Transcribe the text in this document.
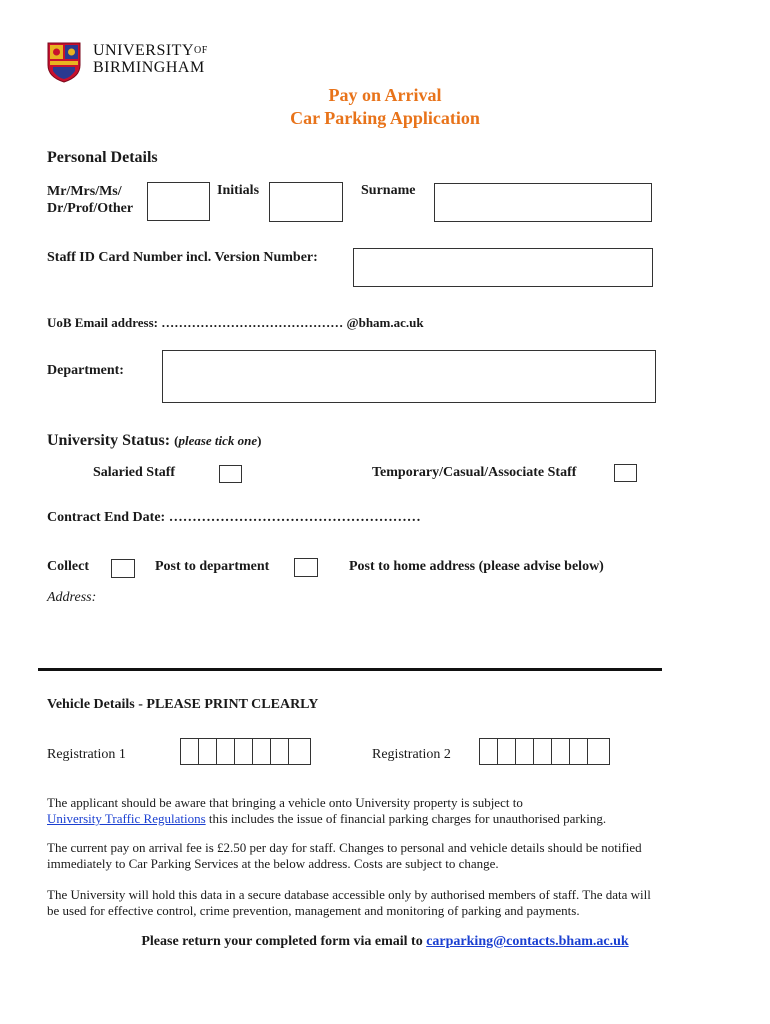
$UNIVERSITY^{OF}$
BIRMINGHAM
Pay on Arrival
Car Parking Application
Personal Details
Mr/Mrs/Ms/
Dr/Prof/Other
Initials	Surname
Staff ID Card Number incl. Version Number:
UoB Email address: …………………………………… @bham.ac.uk
Department:
University Status: (please tick one)
Salaried Staff	Temporary/Casual/Associate Staff
Contract End Date: ………………………………………………
Collect	Post to department	Post to home address (please advise below)
Address:
Vehicle Details - PLEASE PRINT CLEARLY
Registration 1	Registration 2
The applicant should be aware that bringing a vehicle onto University property is subject to
University Traffic Regulations this includes the issue of financial parking charges for unauthorised parking.
The current pay on arrival fee is £2.50 per day for staff. Changes to personal and vehicle details should be notified
immediately to Car Parking Services at the below address. Costs are subject to change.
The University will hold this data in a secure database accessible only by authorised members of staff. The data will
be used for effective control, crime prevention, management and monitoring of parking and payments.
Please return your completed form via email to carparking@contacts.bham.ac.uk
